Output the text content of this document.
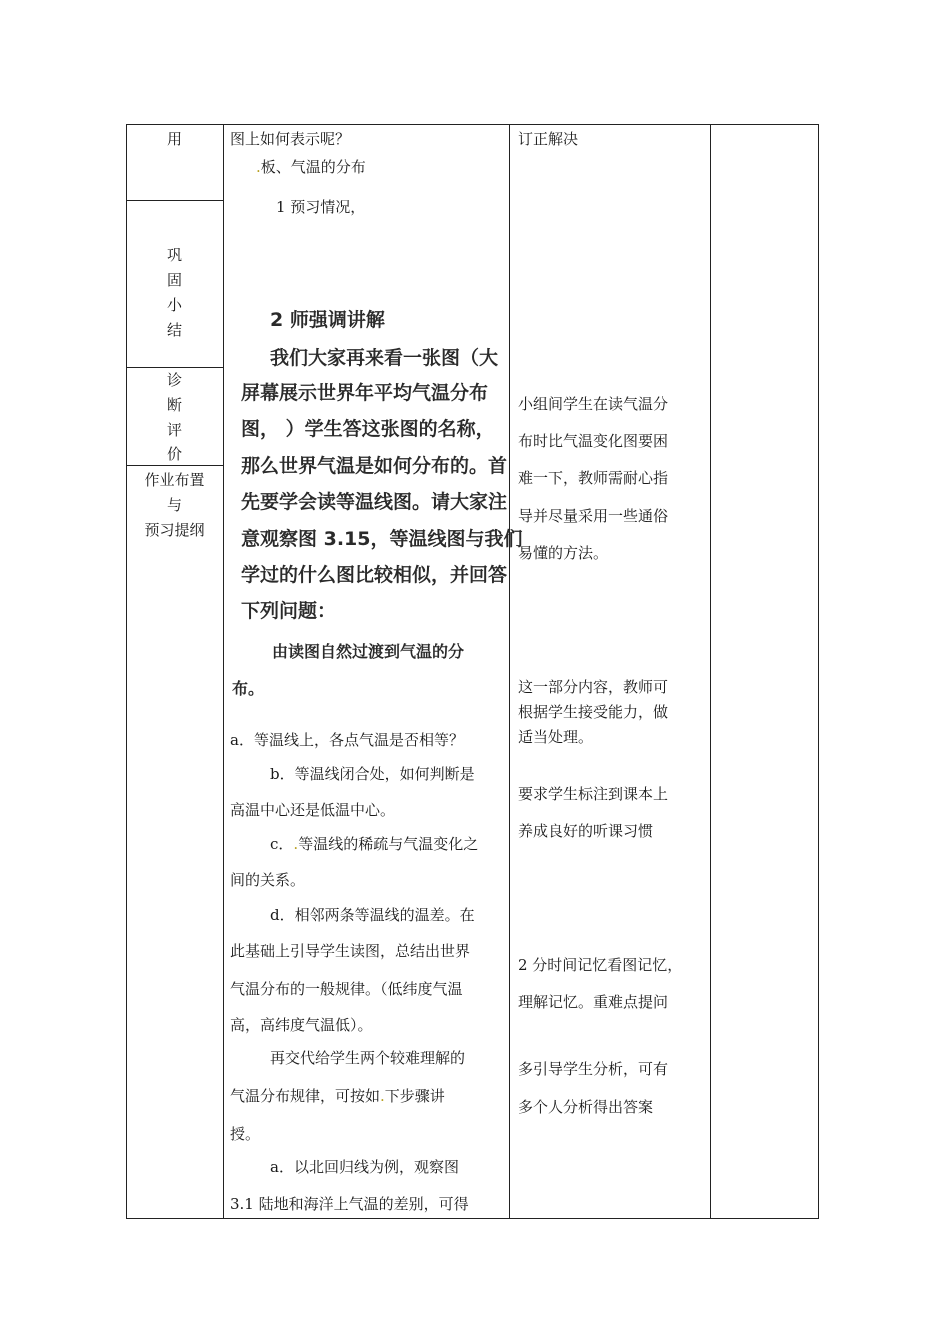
用
巩
固
小
结
诊
断
评
价
作业布置
与
预习提纲
图上如何表示呢？
.板、气温的分布
1 预习情况，
2 师强调讲解
我们大家再来看一张图（大
屏幕展示世界年平均气温分布
图， ）学生答这张图的名称，
那么世界气温是如何分布的。首
先要学会读等温线图。请大家注
意观察图 3.15，等温线图与我们
学过的什么图比较相似，并回答
下列问题：
由读图自然过渡到气温的分
布。
a．等温线上，各点气温是否相等？
b．等温线闭合处，如何判断是
高温中心还是低温中心。
c．.等温线的稀疏与气温变化之
间的关系。
d．相邻两条等温线的温差。在
此基础上引导学生读图，总结出世界
气温分布的一般规律。（低纬度气温
高，高纬度气温低）。
再交代给学生两个较难理解的
气温分布规律，可按如.下步骤讲
授。
a．以北回归线为例，观察图
3.1 陆地和海洋上气温的差别，可得
订正解决
小组间学生在读气温分
布时比气温变化图要困
难一下，教师需耐心指
导并尽量采用一些通俗
易懂的方法。
这一部分内容，教师可
根据学生接受能力，做
适当处理。
要求学生标注到课本上
养成良好的听课习惯
2 分时间记忆看图记忆，
理解记忆。重难点提问
多引导学生分析，可有
多个人分析得出答案
